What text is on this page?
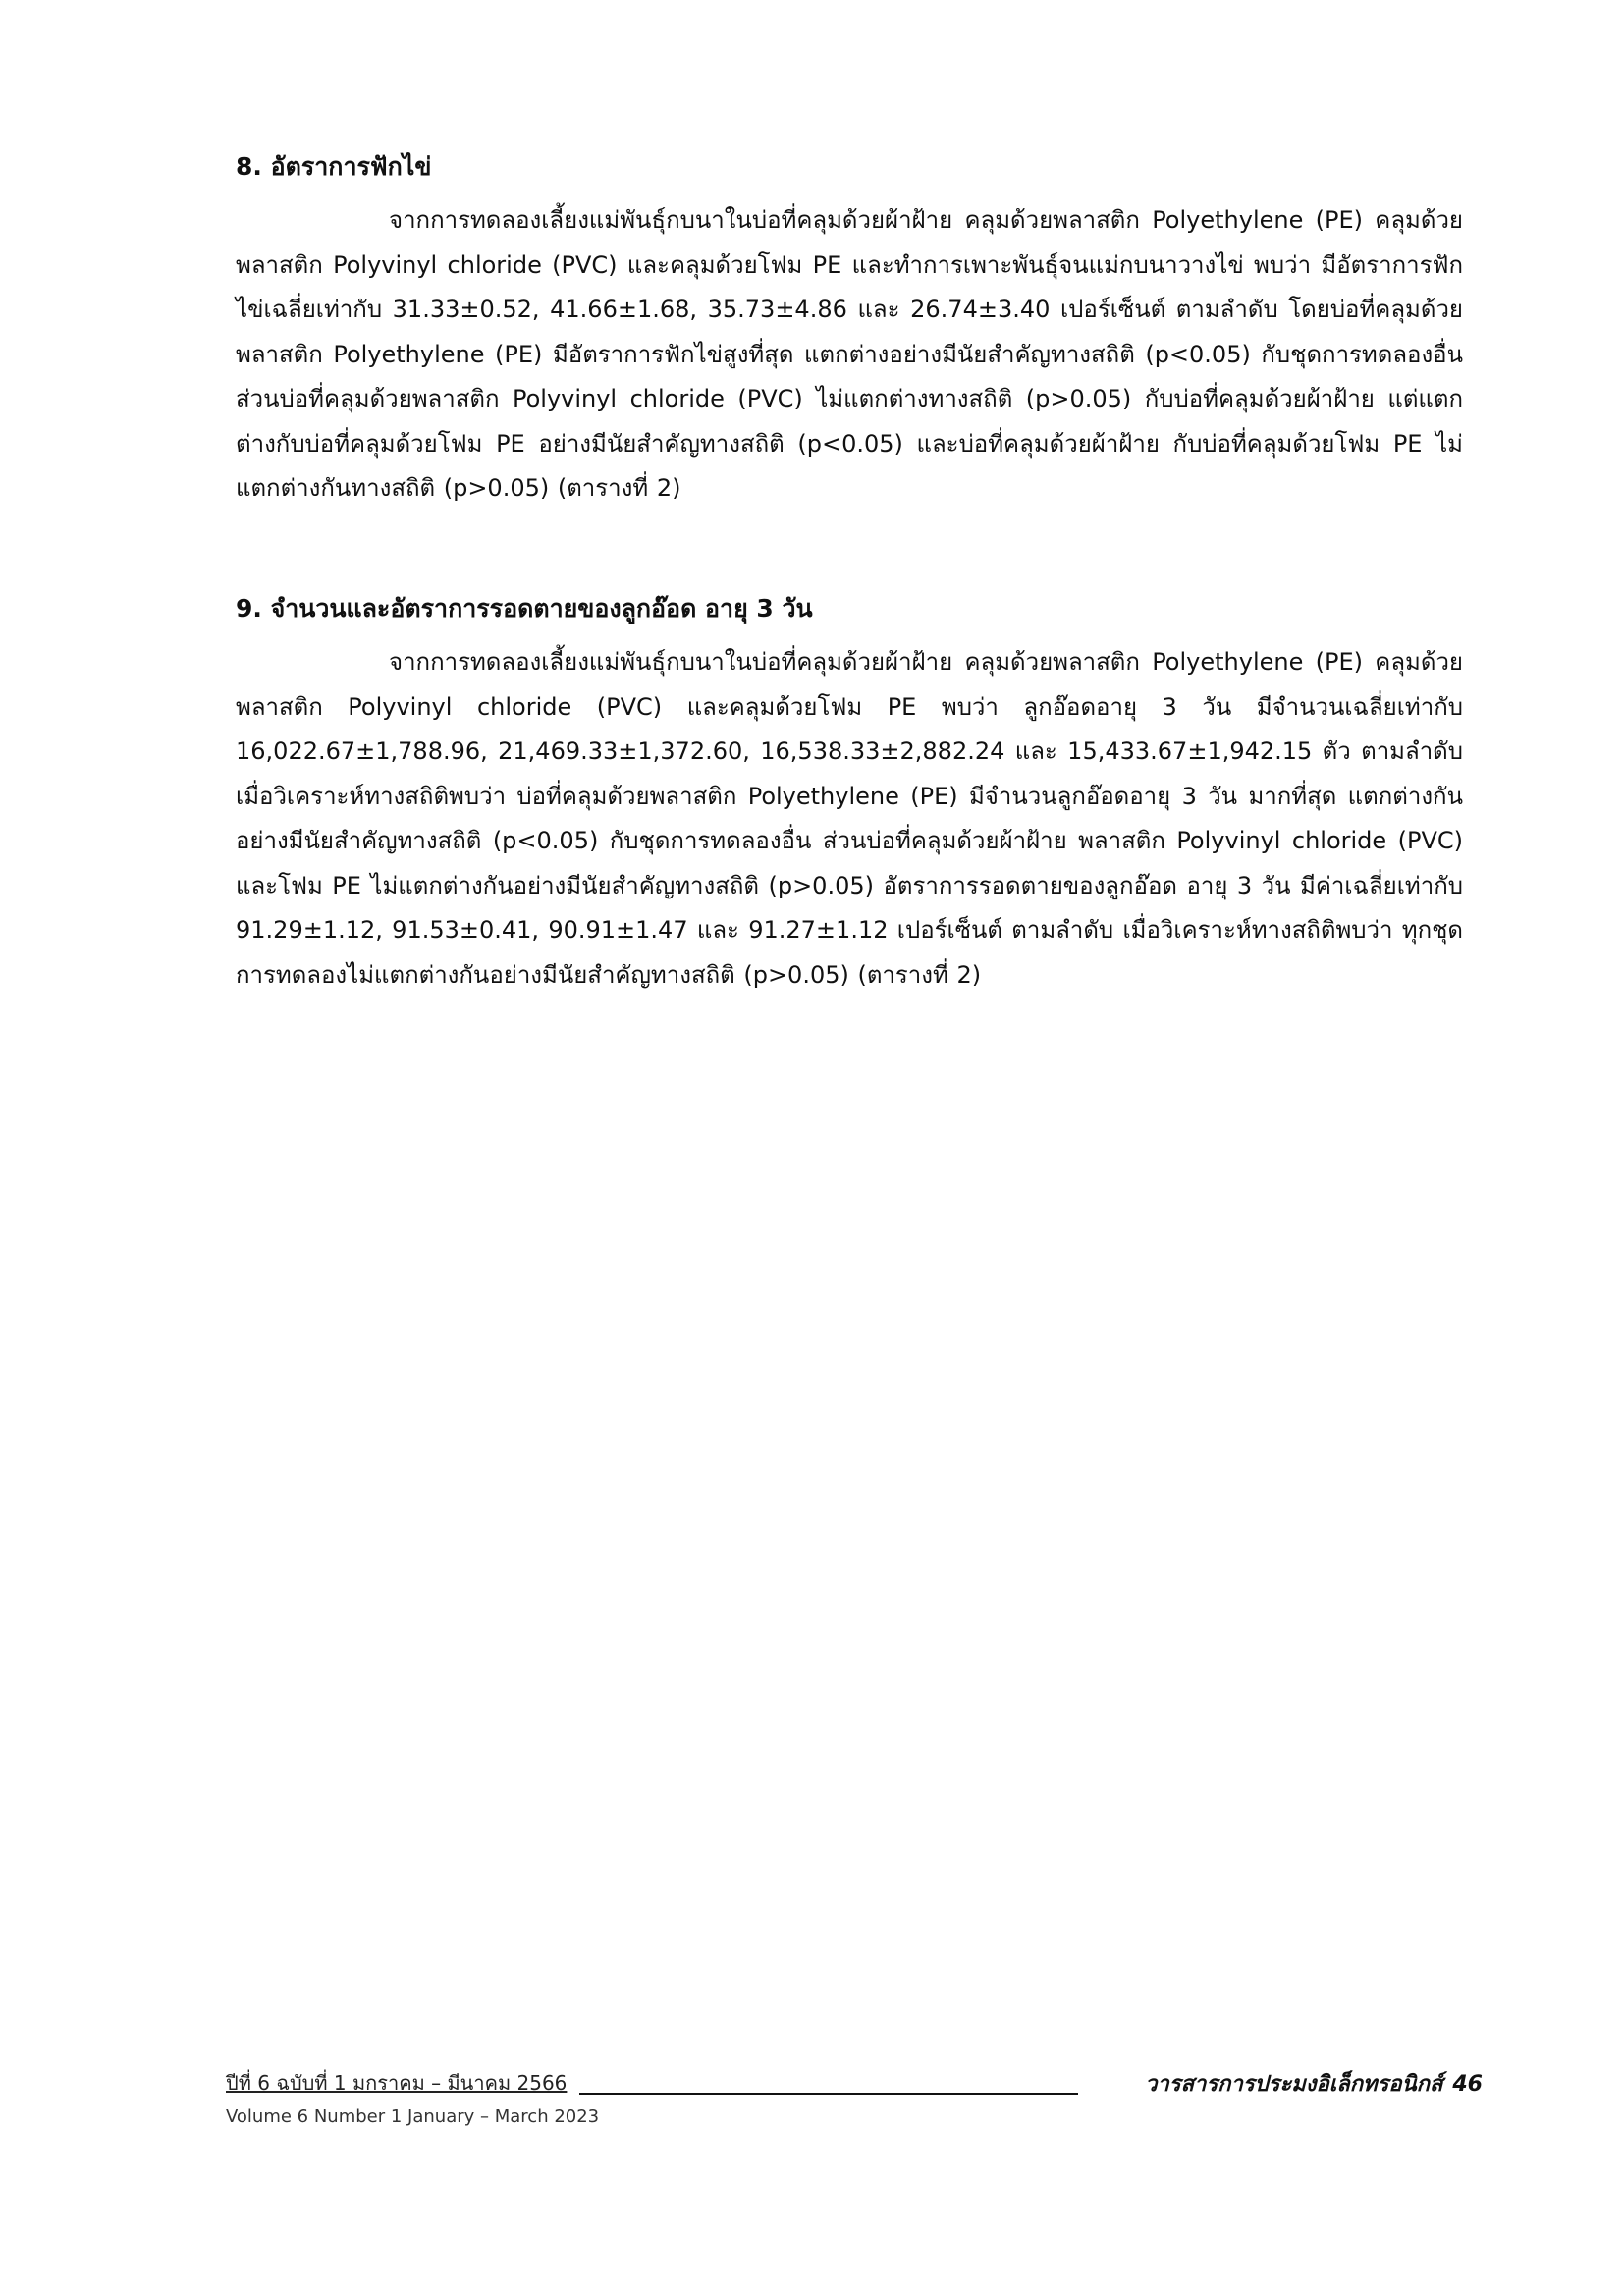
8. อัตราการฟักไข่

จากการทดลองเลี้ยงแม่พันธุ์กบนาในบ่อที่คลุมด้วยผ้าฝ้าย คลุมด้วยพลาสติก Polyethylene (PE) คลุมด้วยพลาสติก Polyvinyl chloride (PVC) และคลุมด้วยโฟม PE และทำการเพาะพันธุ์จนแม่กบนาวางไข่ พบว่า มีอัตราการฟักไข่เฉลี่ยเท่ากับ 31.33±0.52, 41.66±1.68, 35.73±4.86 และ 26.74±3.40 เปอร์เซ็นต์ ตามลำดับ โดยบ่อที่คลุมด้วยพลาสติก Polyethylene (PE) มีอัตราการฟักไข่สูงที่สุด แตกต่างอย่างมีนัยสำคัญทางสถิติ (p<0.05) กับชุดการทดลองอื่น ส่วนบ่อที่คลุมด้วยพลาสติก Polyvinyl chloride (PVC) ไม่แตกต่างทางสถิติ (p>0.05) กับบ่อที่คลุมด้วยผ้าฝ้าย แต่แตกต่างกับบ่อที่คลุมด้วยโฟม PE อย่างมีนัยสำคัญทางสถิติ (p<0.05) และบ่อที่คลุมด้วยผ้าฝ้าย กับบ่อที่คลุมด้วยโฟม PE ไม่แตกต่างกันทางสถิติ (p>0.05) (ตารางที่ 2)

9. จำนวนและอัตราการรอดตายของลูกอ๊อด อายุ 3 วัน

จากการทดลองเลี้ยงแม่พันธุ์กบนาในบ่อที่คลุมด้วยผ้าฝ้าย คลุมด้วยพลาสติก Polyethylene (PE) คลุมด้วยพลาสติก Polyvinyl chloride (PVC) และคลุมด้วยโฟม PE พบว่า ลูกอ๊อดอายุ 3 วัน มีจำนวนเฉลี่ยเท่ากับ 16,022.67±1,788.96, 21,469.33±1,372.60, 16,538.33±2,882.24 และ 15,433.67±1,942.15 ตัว ตามลำดับ เมื่อวิเคราะห์ทางสถิติพบว่า บ่อที่คลุมด้วยพลาสติก Polyethylene (PE) มีจำนวนลูกอ๊อดอายุ 3 วัน มากที่สุด แตกต่างกันอย่างมีนัยสำคัญทางสถิติ (p<0.05) กับชุดการทดลองอื่น ส่วนบ่อที่คลุมด้วยผ้าฝ้าย พลาสติก Polyvinyl chloride (PVC) และโฟม PE ไม่แตกต่างกันอย่างมีนัยสำคัญทางสถิติ (p>0.05) อัตราการรอดตายของลูกอ๊อด อายุ 3 วัน มีค่าเฉลี่ยเท่ากับ 91.29±1.12, 91.53±0.41, 90.91±1.47 และ 91.27±1.12 เปอร์เซ็นต์ ตามลำดับ เมื่อวิเคราะห์ทางสถิติพบว่า ทุกชุดการทดลองไม่แตกต่างกันอย่างมีนัยสำคัญทางสถิติ (p>0.05) (ตารางที่ 2)

ปีที่ 6 ฉบับที่ 1 มกราคม – มีนาคม 2566	วารสารการประมงอิเล็กทรอนิกส์ 46
Volume 6 Number 1 January – March 2023
